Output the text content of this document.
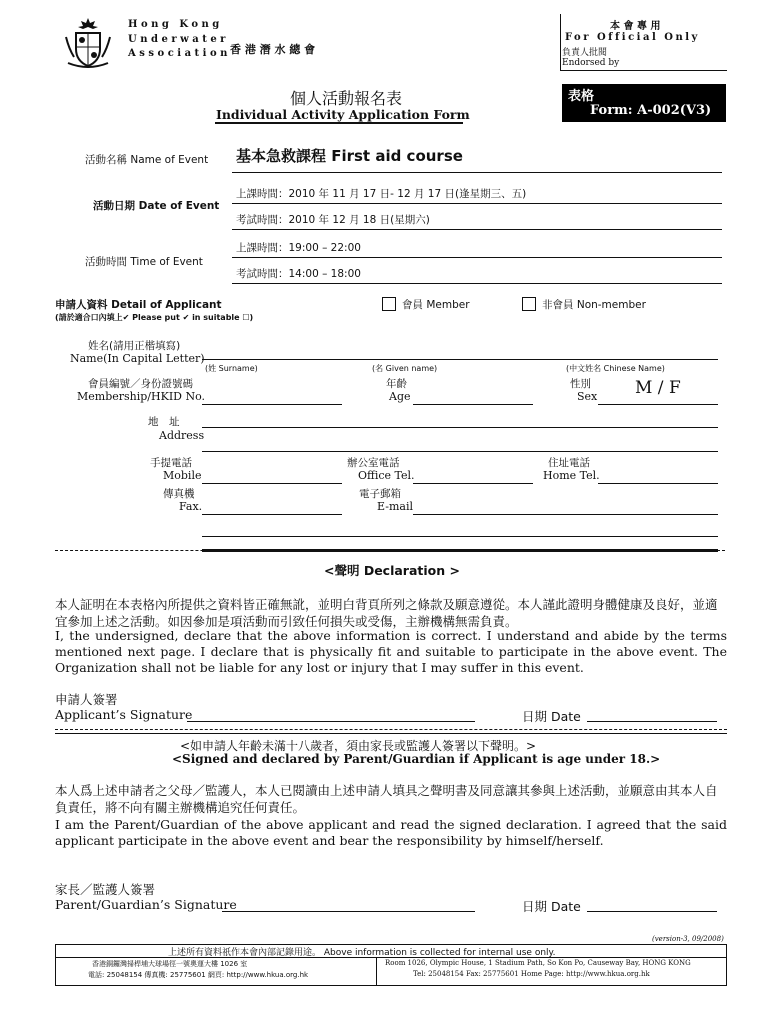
Hong Kong
Underwater
Association 香 港 潛 水 總 會
本 會 專 用
For Official Only
負責人批閱
Endorsed by
個人活動報名表
Individual Activity Application Form
表格
Form: A-002(V3)
活動名稱 Name of Event 基本急救課程 First aid course
活動日期 Date of Event
上課時間：2010 年 11 月 17 日- 12 月 17 日(逢星期三、五)
考試時間：2010 年 12 月 18 日(星期六)
活動時間 Time of Event
上課時間：19:00 – 22:00
考試時間：14:00 – 18:00
申請人資料 Detail of Applicant
(請於適合口內填上✔ Please put ✔ in suitable ☐)
會員 Member	非會員 Non-member
姓名(請用正楷填寫)
Name(In Capital Letter)
(姓 Surname)	(名 Given name)	(中文姓名 Chinese Name)
會員編號／身份證號碼
Membership/HKID No.
年齡
Age
性別
Sex M / F
地　址
Address
手提電話
Mobile
辦公室電話
Office Tel.
住址電話
Home Tel.
傳真機
Fax.
電子郵箱
E-mail
<聲明 Declaration >
本人証明在本表格內所提供之資料皆正確無訛，並明白背頁所列之條款及願意遵從。本人謹此證明身體健康及良好，並適宜參加上述之活動。如因參加是項活動而引致任何損失或受傷，主辦機構無需負責。
I, the undersigned, declare that the above information is correct. I understand and abide by the terms mentioned next page. I declare that is physically fit and suitable to participate in the above event. The Organization shall not be liable for any lost or injury that I may suffer in this event.
申請人簽署
Applicant’s Signature	日期 Date
<如申請人年齡未滿十八歲者，須由家長或監護人簽署以下聲明。>
<Signed and declared by Parent/Guardian if Applicant is age under 18.>
本人爲上述申請者之父母／監護人，本人已閱讀由上述申請人填具之聲明書及同意讓其參與上述活動，並願意由其本人自負責任，將不向有關主辦機構追究任何責任。
I am the Parent/Guardian of the above applicant and read the signed declaration. I agreed that the said applicant participate in the above event and bear the responsibility by himself/herself.
家長／監護人簽署
Parent/Guardian’s Signature	日期 Date
(version-3, 09/2008)
上述所有資料祇作本會內部記錄用途。 Above information is collected for internal use only.
香港銅鑼灣掃桿埔大球場徑一號奧運大樓 1026 室
電話: 25048154 傳真機: 25775601 網頁: http://www.hkua.org.hk
Room 1026, Olympic House, 1 Stadium Path, So Kon Po, Causeway Bay, HONG KONG
Tel: 25048154 Fax: 25775601 Home Page: http://www.hkua.org.hk
